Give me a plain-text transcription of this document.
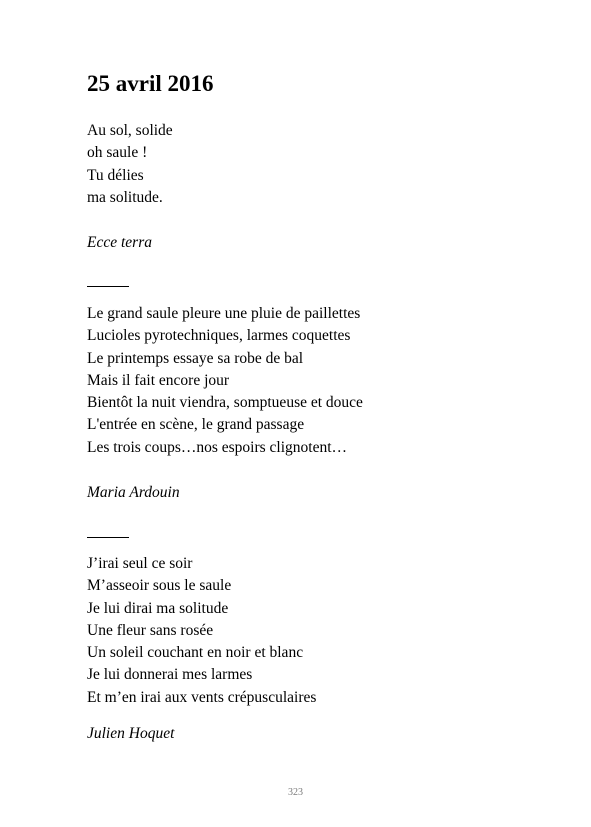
25 avril 2016
Au sol, solide
oh saule !
Tu délies
ma solitude.
Ecce terra
Le grand saule pleure une pluie de paillettes
Lucioles pyrotechniques, larmes coquettes
Le printemps essaye sa robe de bal
Mais il fait encore jour
Bientôt la nuit viendra, somptueuse et douce
L'entrée en scène, le grand passage
Les trois coups…nos espoirs clignotent…
Maria Ardouin
J’irai seul ce soir
M’asseoir sous le saule
Je lui dirai ma solitude
Une fleur sans rosée
Un soleil couchant en noir et blanc
Je lui donnerai mes larmes
Et m’en irai aux vents crépusculaires
Julien Hoquet
323
